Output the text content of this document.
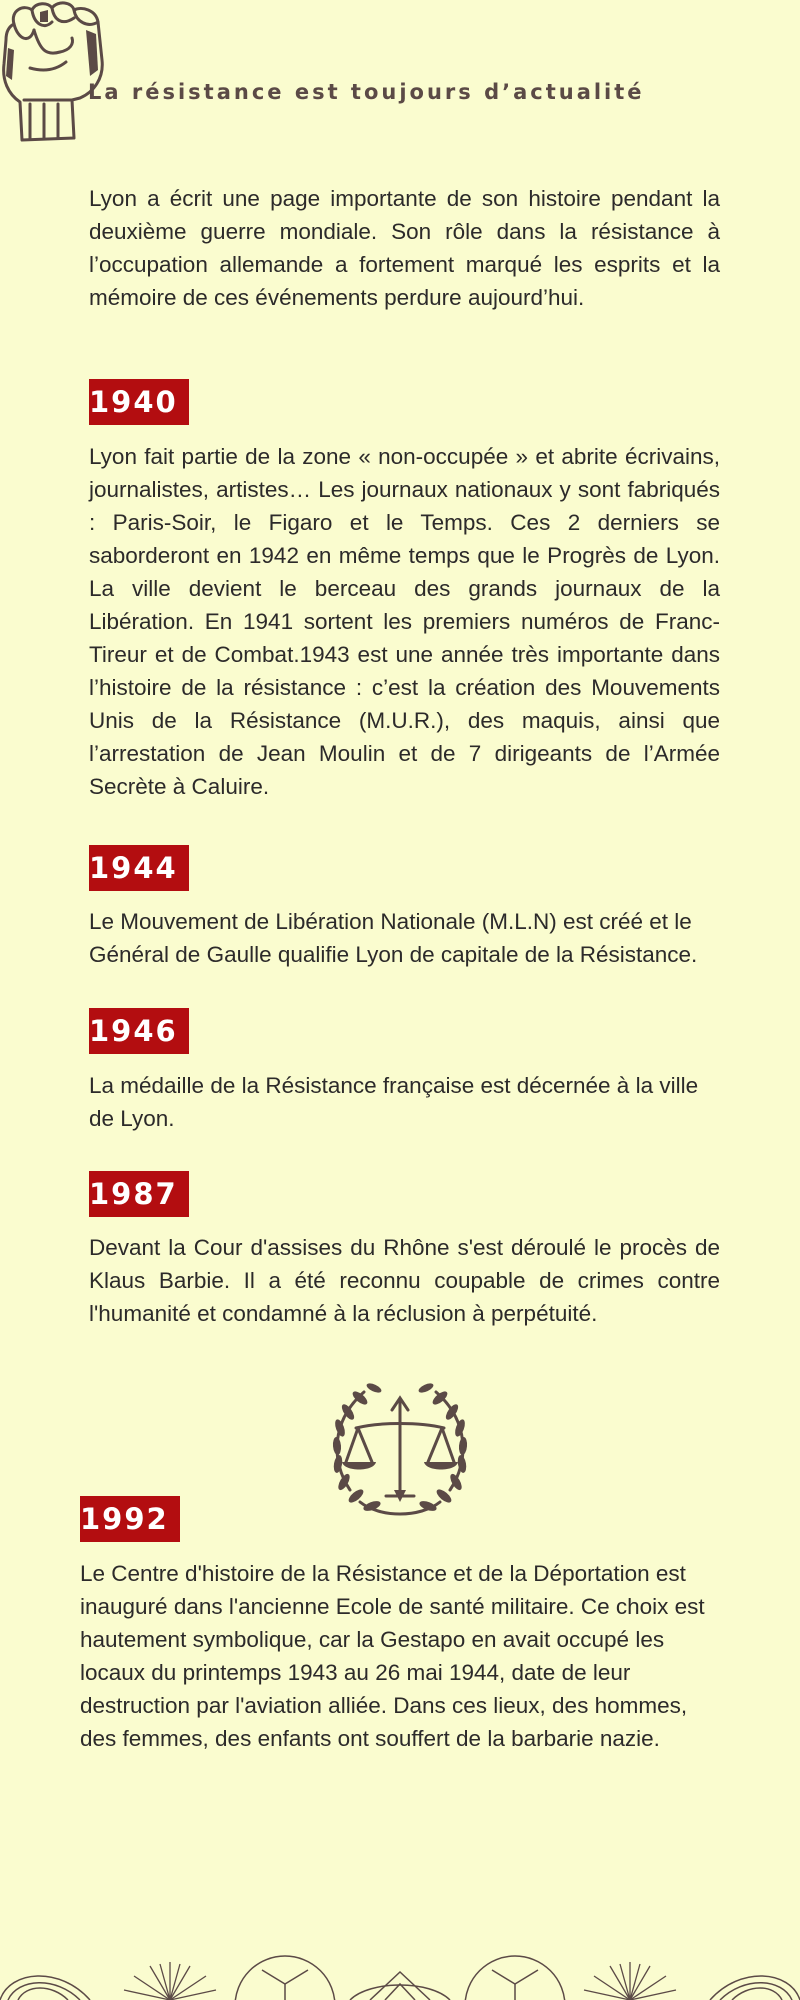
La résistance est toujours d’actualité

Lyon a écrit une page importante de son histoire pendant la deuxième guerre mondiale. Son rôle dans la résistance à l’occupation allemande a fortement marqué les esprits et la mémoire de ces événements perdure aujourd’hui.

1940

Lyon fait partie de la zone « non-occupée » et abrite écrivains, journalistes, artistes… Les journaux nationaux y sont fabriqués : Paris-Soir, le Figaro et le Temps. Ces 2 derniers se saborderont en 1942 en même temps que le Progrès de Lyon. La ville devient le berceau des grands journaux de la Libération. En 1941 sortent les premiers numéros de Franc-Tireur et de Combat.1943 est une année très importante dans l’histoire de la résistance : c’est la création des Mouvements Unis de la Résistance (M.U.R.), des maquis, ainsi que l’arrestation de Jean Moulin et de 7 dirigeants de l’Armée Secrète à Caluire.

1944

Le Mouvement de Libération Nationale (M.L.N) est créé et le Général de Gaulle qualifie Lyon de capitale de la Résistance.

1946

La médaille de la Résistance française est décernée à la ville de Lyon.

1987

Devant la Cour d'assises du Rhône s'est déroulé le procès de Klaus Barbie. Il a été reconnu coupable de crimes contre l'humanité et condamné à la réclusion à perpétuité.

1992

Le Centre d'histoire de la Résistance et de la Déportation est inauguré dans l'ancienne Ecole de santé militaire. Ce choix est hautement symbolique, car la Gestapo en avait occupé les locaux du printemps 1943 au 26 mai 1944, date de leur destruction par l'aviation alliée. Dans ces lieux, des hommes, des femmes, des enfants ont souffert de la barbarie nazie.
